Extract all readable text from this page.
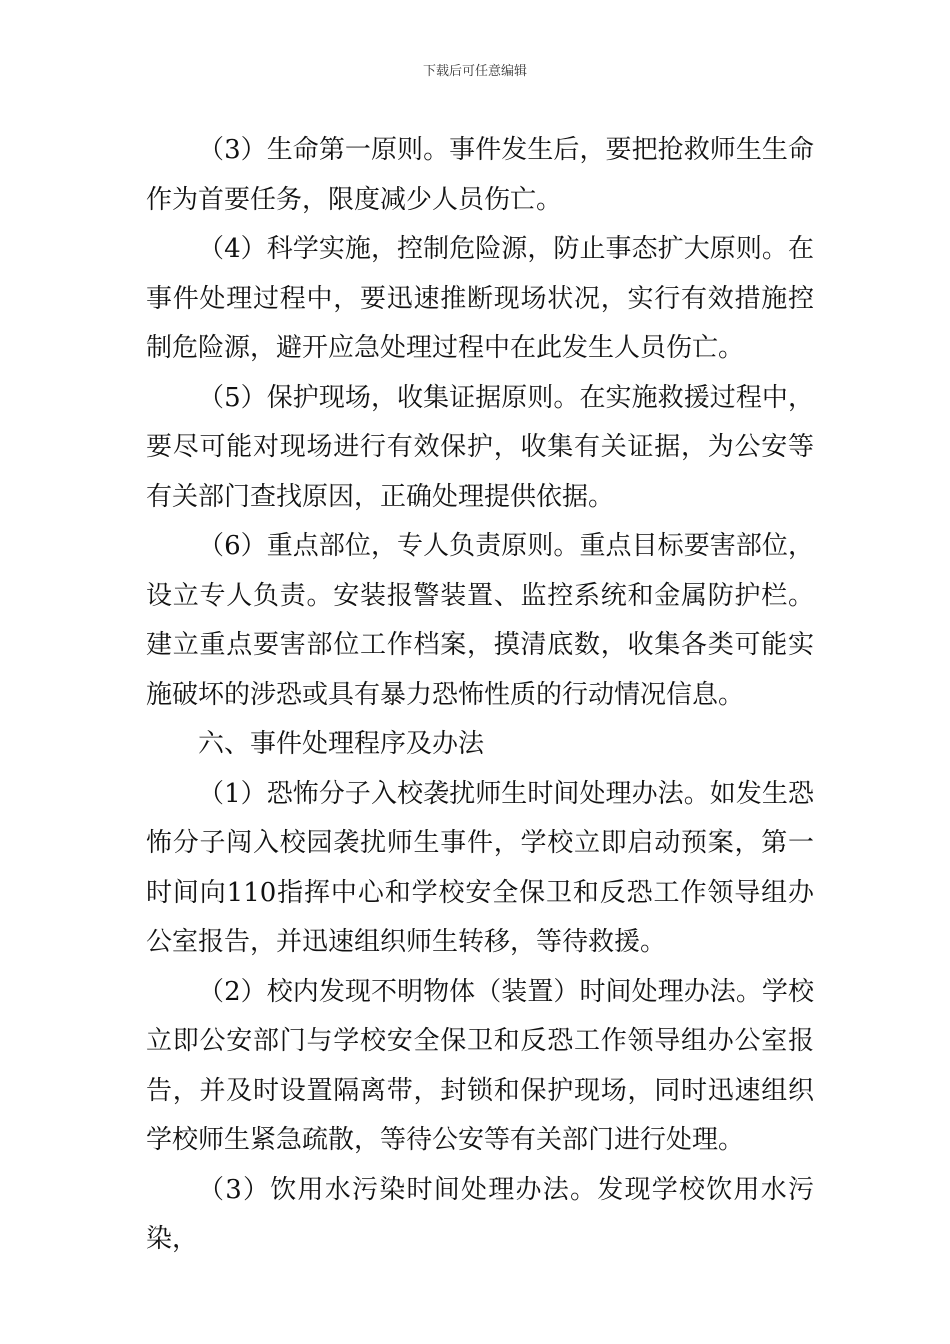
下载后可任意编辑

（3）生命第一原则。事件发生后，要把抢救师生生命作为首要任务，限度减少人员伤亡。

（4）科学实施，控制危险源，防止事态扩大原则。在事件处理过程中，要迅速推断现场状况，实行有效措施控制危险源，避开应急处理过程中在此发生人员伤亡。

（5）保护现场，收集证据原则。在实施救援过程中，要尽可能对现场进行有效保护，收集有关证据，为公安等有关部门查找原因，正确处理提供依据。

（6）重点部位，专人负责原则。重点目标要害部位，设立专人负责。安装报警装置、监控系统和金属防护栏。建立重点要害部位工作档案，摸清底数，收集各类可能实施破坏的涉恐或具有暴力恐怖性质的行动情况信息。

六、事件处理程序及办法

（1）恐怖分子入校袭扰师生时间处理办法。如发生恐怖分子闯入校园袭扰师生事件，学校立即启动预案，第一时间向110指挥中心和学校安全保卫和反恐工作领导组办公室报告，并迅速组织师生转移，等待救援。

（2）校内发现不明物体（装置）时间处理办法。学校立即公安部门与学校安全保卫和反恐工作领导组办公室报告，并及时设置隔离带，封锁和保护现场，同时迅速组织学校师生紧急疏散，等待公安等有关部门进行处理。

（3）饮用水污染时间处理办法。发现学校饮用水污染，
